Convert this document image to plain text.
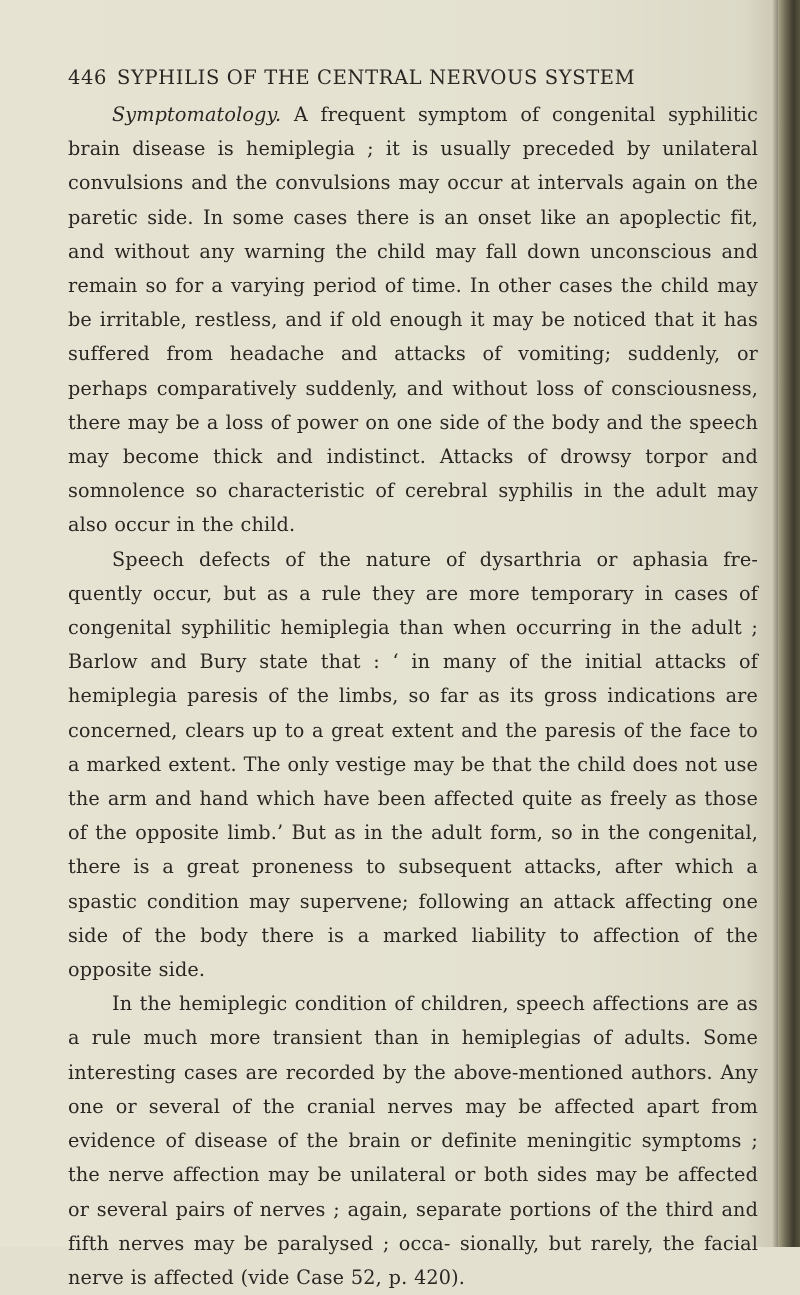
446 SYPHILIS OF THE CENTRAL NERVOUS SYSTEM

Symptomatology. A frequent symptom of congenital syphilitic brain disease is hemiplegia ; it is usually preceded by unilateral convulsions and the convulsions may occur at intervals again on the paretic side. In some cases there is an onset like an apoplectic fit, and without any warning the child may fall down unconscious and remain so for a varying period of time. In other cases the child may be irritable, restless, and if old enough it may be noticed that it has suffered from headache and attacks of vomiting; suddenly, or perhaps comparatively suddenly, and without loss of consciousness, there may be a loss of power on one side of the body and the speech may become thick and indistinct. Attacks of drowsy torpor and somnolence so characteristic of cerebral syphilis in the adult may also occur in the child.

Speech defects of the nature of dysarthria or aphasia fre- quently occur, but as a rule they are more temporary in cases of congenital syphilitic hemiplegia than when occurring in the adult ; Barlow and Bury state that : ‘ in many of the initial attacks of hemiplegia paresis of the limbs, so far as its gross indications are concerned, clears up to a great extent and the paresis of the face to a marked extent. The only vestige may be that the child does not use the arm and hand which have been affected quite as freely as those of the opposite limb.’ But as in the adult form, so in the congenital, there is a great proneness to subsequent attacks, after which a spastic condition may supervene; following an attack affecting one side of the body there is a marked liability to affection of the opposite side.

In the hemiplegic condition of children, speech affections are as a rule much more transient than in hemiplegias of adults. Some interesting cases are recorded by the above-mentioned authors. Any one or several of the cranial nerves may be affected apart from evidence of disease of the brain or definite meningitic symptoms ; the nerve affection may be unilateral or both sides may be affected or several pairs of nerves ; again, separate portions of the third and fifth nerves may be paralysed ; occa- sionally, but rarely, the facial nerve is affected (vide Case 52, p. 420).
